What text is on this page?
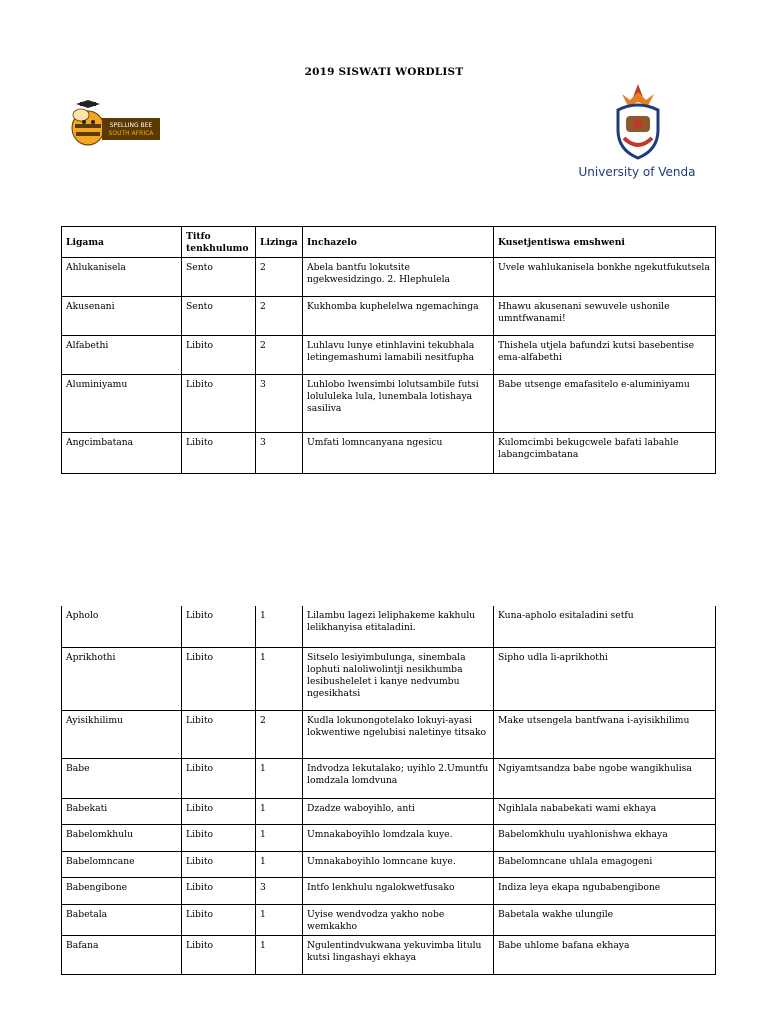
2019 SISWATI WORDLIST
SPELLING BEE
SOUTH AFRICA
University of Venda
Ligama	Titfo tenkhulumo	Lizinga	Inchazelo	Kusetjentiswa emshweni
Ahlukanisela	Sento	2	Abela bantfu lokutsite ngekwesidzingo. 2. Hlephulela	Uvele wahlukanisela bonkhe ngekutfukutsela
Akusenani	Sento	2	Kukhomba kuphelelwa ngemachinga	Hhawu akusenani sewuvele ushonile umntfwanami!
Alfabethi	Libito	2	Luhlavu lunye etinhlavini tekubhala letingemashumi lamabili nesitfupha	Thishela utjela bafundzi kutsi basebentise ema-alfabethi
Aluminiyamu	Libito	3	Luhlobo lwensimbi lolutsambile futsi lolululeka lula, lunembala lotishaya sasiliva	Babe utsenge emafasitelo e-aluminiyamu
Angcimbatana	Libito	3	Umfati lomncanyana ngesicu	Kulomcimbi bekugcwele bafati labahle labangcimbatana
Apholo	Libito	1	Lilambu lagezi leliphakeme kakhulu lelikhanyisa etitaladini.	Kuna-apholo esitaladini setfu
Aprikhothi	Libito	1	Sitselo lesiyimbulunga, sinembala lophuti naloliwolintji nesikhumba lesibushelelet i kanye nedvumbu ngesikhatsi	Sipho udla li-aprikhothi
Ayisikhilimu	Libito	2	Kudla lokunongotelako lokuyi-ayasi lokwentiwe ngelubisi naletinye titsako	Make utsengela bantfwana i-ayisikhilimu
Babe	Libito	1	Indvodza lekutalako; uyihlo 2.Umuntfu lomdzala lomdvuna	Ngiyamtsandza babe ngobe wangikhulisa
Babekati	Libito	1	Dzadze waboyihlo, anti	Ngihlala nababekati wami ekhaya
Babelomkhulu	Libito	1	Umnakaboyihlo lomdzala kuye.	Babelomkhulu uyahlonishwa ekhaya
Babelomncane	Libito	1	Umnakaboyihlo lomncane kuye.	Babelomncane uhlala emagogeni
Babengibone	Libito	3	Intfo lenkhulu ngalokwetfusako	Indiza leya ekapa ngubabengibone
Babetala	Libito	1	Uyise wendvodza yakho nobe wemkakho	Babetala wakhe ulungile
Bafana	Libito	1	Ngulentindvukwana yekuvimba litulu kutsi lingashayi ekhaya	Babe uhlome bafana ekhaya
